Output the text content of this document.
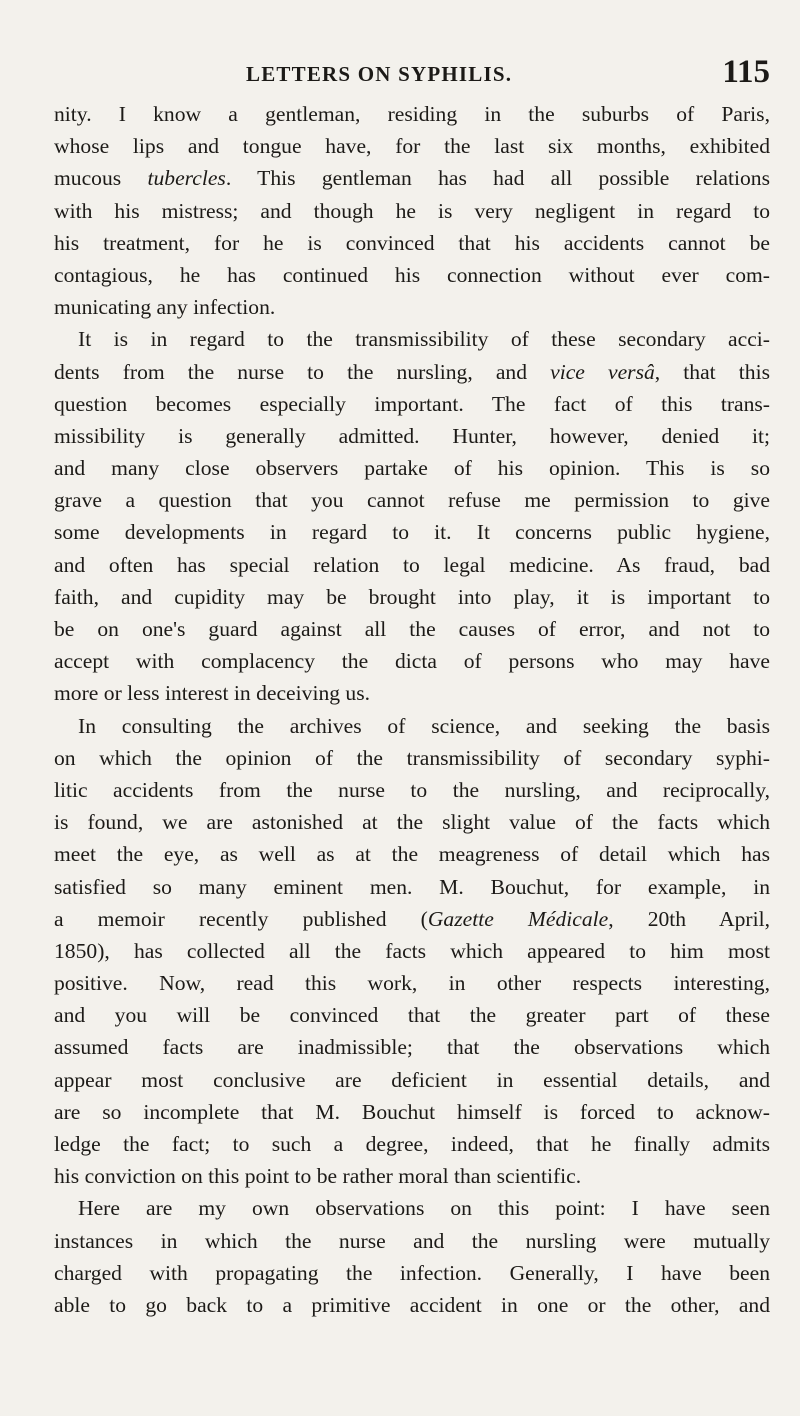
LETTERS ON SYPHILIS.	115
nity. I know a gentleman, residing in the suburbs of Paris,
whose lips and tongue have, for the last six months, exhibited
mucous tubercles. This gentleman has had all possible relations
with his mistress; and though he is very negligent in regard to
his treatment, for he is convinced that his accidents cannot be
contagious, he has continued his connection without ever com-
municating any infection.
It is in regard to the transmissibility of these secondary acci-
dents from the nurse to the nursling, and vice versâ, that this
question becomes especially important. The fact of this trans-
missibility is generally admitted. Hunter, however, denied it;
and many close observers partake of his opinion. This is so
grave a question that you cannot refuse me permission to give
some developments in regard to it. It concerns public hygiene,
and often has special relation to legal medicine. As fraud, bad
faith, and cupidity may be brought into play, it is important to
be on one's guard against all the causes of error, and not to
accept with complacency the dicta of persons who may have
more or less interest in deceiving us.
In consulting the archives of science, and seeking the basis
on which the opinion of the transmissibility of secondary syphi-
litic accidents from the nurse to the nursling, and reciprocally,
is found, we are astonished at the slight value of the facts which
meet the eye, as well as at the meagreness of detail which has
satisfied so many eminent men. M. Bouchut, for example, in
a memoir recently published (Gazette Médicale, 20th April,
1850), has collected all the facts which appeared to him most
positive. Now, read this work, in other respects interesting,
and you will be convinced that the greater part of these
assumed facts are inadmissible; that the observations which
appear most conclusive are deficient in essential details, and
are so incomplete that M. Bouchut himself is forced to acknow-
ledge the fact; to such a degree, indeed, that he finally admits
his conviction on this point to be rather moral than scientific.
Here are my own observations on this point: I have seen
instances in which the nurse and the nursling were mutually
charged with propagating the infection. Generally, I have been
able to go back to a primitive accident in one or the other, and
